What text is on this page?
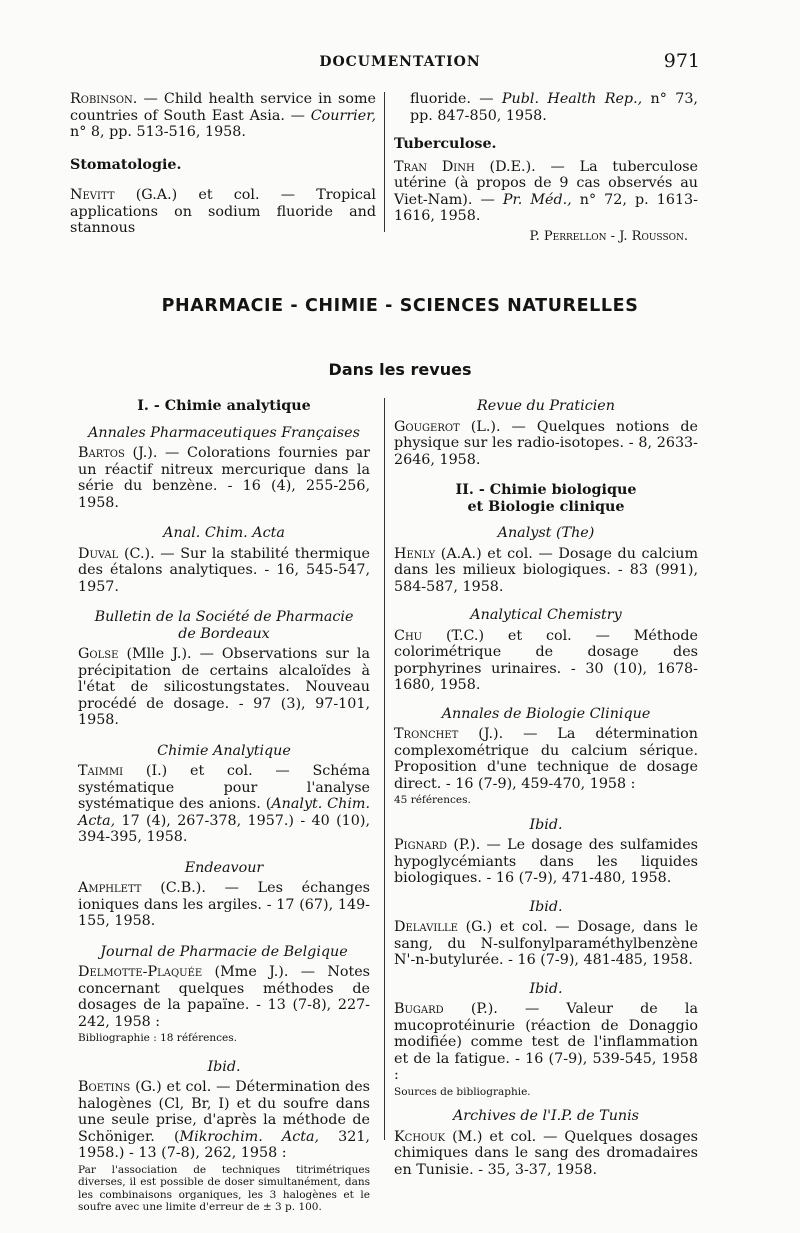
DOCUMENTATION	971

Robinson. — Child health service in some countries of South East Asia. — Courrier, n° 8, pp. 513-516, 1958.

Stomatologie.

Nevitt (G.A.) et col. — Tropical applications on sodium fluoride and stannous

fluoride. — Publ. Health Rep., n° 73, pp. 847-850, 1958.

Tuberculose.

Tran Dinh (D.E.). — La tuberculose utérine (à propos de 9 cas observés au Viet-Nam). — Pr. Méd., n° 72, p. 1613-1616, 1958.

P. Perrellon - J. Rousson.

PHARMACIE - CHIMIE - SCIENCES NATURELLES
Dans les revues

I. - Chimie analytique

Annales Pharmaceutiques Françaises

Bartos (J.). — Colorations fournies par un réactif nitreux mercurique dans la série du benzène. - 16 (4), 255-256, 1958.

Anal. Chim. Acta

Duval (C.). — Sur la stabilité thermique des étalons analytiques. - 16, 545-547, 1957.

Bulletin de la Société de Pharmacie
de Bordeaux

Golse (Mlle J.). — Observations sur la précipitation de certains alcaloïdes à l'état de silicostungstates. Nouveau procédé de dosage. - 97 (3), 97-101, 1958.

Chimie Analytique

Taimmi (I.) et col. — Schéma systématique pour l'analyse systématique des anions. (Analyt. Chim. Acta, 17 (4), 267-378, 1957.) - 40 (10), 394-395, 1958.

Endeavour

Amphlett (C.B.). — Les échanges ioniques dans les argiles. - 17 (67), 149-155, 1958.

Journal de Pharmacie de Belgique

Delmotte-Plaquée (Mme J.). — Notes concernant quelques méthodes de dosages de la papaïne. - 13 (7-8), 227-242, 1958 :

Bibliographie : 18 références.

Ibid.

Boetins (G.) et col. — Détermination des halogènes (Cl, Br, I) et du soufre dans une seule prise, d'après la méthode de Schöniger. (Mikrochim. Acta, 321, 1958.) - 13 (7-8), 262, 1958 :

Par l'association de techniques titrimétriques diverses, il est possible de doser simultanément, dans les combinaisons organiques, les 3 halogènes et le soufre avec une limite d'erreur de ± 3 p. 100.

Revue du Praticien

Gougerot (L.). — Quelques notions de physique sur les radio-isotopes. - 8, 2633-2646, 1958.

II. - Chimie biologique
et Biologie clinique

Analyst (The)

Henly (A.A.) et col. — Dosage du calcium dans les milieux biologiques. - 83 (991), 584-587, 1958.

Analytical Chemistry

Chu (T.C.) et col. — Méthode colorimétrique de dosage des porphyrines urinaires. - 30 (10), 1678-1680, 1958.

Annales de Biologie Clinique

Tronchet (J.). — La détermination complexométrique du calcium sérique. Proposition d'une technique de dosage direct. - 16 (7-9), 459-470, 1958 :

45 références.

Ibid.

Pignard (P.). — Le dosage des sulfamides hypoglycémiants dans les liquides biologiques. - 16 (7-9), 471-480, 1958.

Ibid.

Delaville (G.) et col. — Dosage, dans le sang, du N-sulfonylparaméthylbenzène N'-n-butylurée. - 16 (7-9), 481-485, 1958.

Ibid.

Bugard (P.). — Valeur de la mucoprotéinurie (réaction de Donaggio modifiée) comme test de l'inflammation et de la fatigue. - 16 (7-9), 539-545, 1958 :

Sources de bibliographie.

Archives de l'I.P. de Tunis

Kchouk (M.) et col. — Quelques dosages chimiques dans le sang des dromadaires en Tunisie. - 35, 3-37, 1958.
